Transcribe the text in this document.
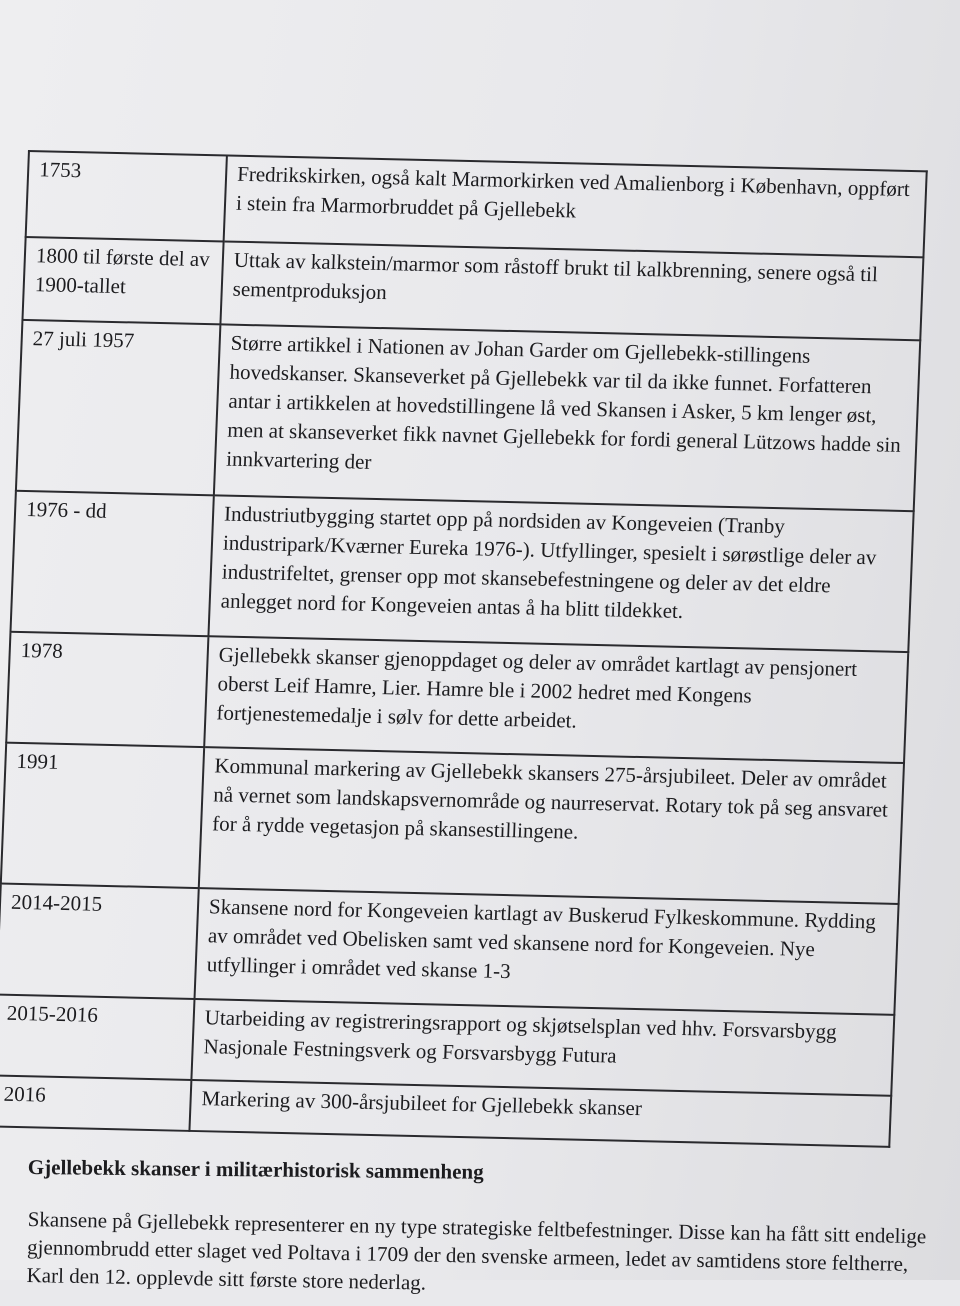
1753	Fredrikskirken, også kalt Marmorkirken ved Amalienborg i København, oppført i stein fra Marmorbruddet på Gjellebekk
1800 til første del av 1900-tallet	Uttak av kalkstein/marmor som råstoff brukt til kalkbrenning, senere også til sementproduksjon
27 juli 1957	Større artikkel i Nationen av Johan Garder om Gjellebekk-stillingens hovedskanser. Skanseverket på Gjellebekk var til da ikke funnet. Forfatteren antar i artikkelen at hovedstillingene lå ved Skansen i Asker, 5 km lenger øst, men at skanseverket fikk navnet Gjellebekk for fordi general Lützows hadde sin innkvartering der
1976 - dd	Industriutbygging startet opp på nordsiden av Kongeveien (Tranby industripark/Kværner Eureka 1976-). Utfyllinger, spesielt i sørøstlige deler av industrifeltet, grenser opp mot skansebefestningene og deler av det eldre anlegget nord for Kongeveien antas å ha blitt tildekket.
1978	Gjellebekk skanser gjenoppdaget og deler av området kartlagt av pensjonert oberst Leif Hamre, Lier. Hamre ble i 2002 hedret med Kongens fortjenestemedalje i sølv for dette arbeidet.
1991	Kommunal markering av Gjellebekk skansers 275-årsjubileet. Deler av området nå vernet som landskapsvernområde og naurreservat. Rotary tok på seg ansvaret for å rydde vegetasjon på skansestillingene.
2014-2015	Skansene nord for Kongeveien kartlagt av Buskerud Fylkeskommune. Rydding av området ved Obelisken samt ved skansene nord for Kongeveien. Nye utfyllinger i området ved skanse 1-3
2015-2016	Utarbeiding av registreringsrapport og skjøtselsplan ved hhv. Forsvarsbygg Nasjonale Festningsverk og Forsvarsbygg Futura
2016	Markering av 300-årsjubileet for Gjellebekk skanser
Gjellebekk skanser i militærhistorisk sammenheng

Skansene på Gjellebekk representerer en ny type strategiske feltbefestninger. Disse kan ha fått sitt endelige gjennombrudd etter slaget ved Poltava i 1709 der den svenske armeen, ledet av samtidens store feltherre, Karl den 12. opplevde sitt første store nederlag.
